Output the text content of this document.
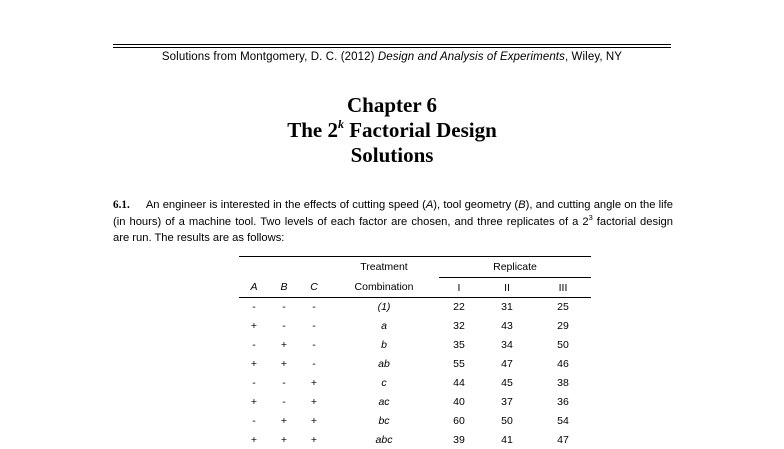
Solutions from Montgomery, D. C. (2012) Design and Analysis of Experiments, Wiley, NY
Chapter 6
The 2$^k$ Factorial Design
Solutions
6.1. An engineer is interested in the effects of cutting speed (A), tool geometry (B), and cutting angle on the life (in hours) of a machine tool. Two levels of each factor are chosen, and three replicates of a $2^3$ factorial design are run. The results are as follows:
			Treatment	Replicate		
A	B	C	Combination	I	II	III
-	-	-	(1)	22	31	25
+	-	-	a	32	43	29
-	+	-	b	35	34	50
+	+	-	ab	55	47	46
-	-	+	c	44	45	38
+	-	+	ac	40	37	36
-	+	+	bc	60	50	54
+	+	+	abc	39	41	47
